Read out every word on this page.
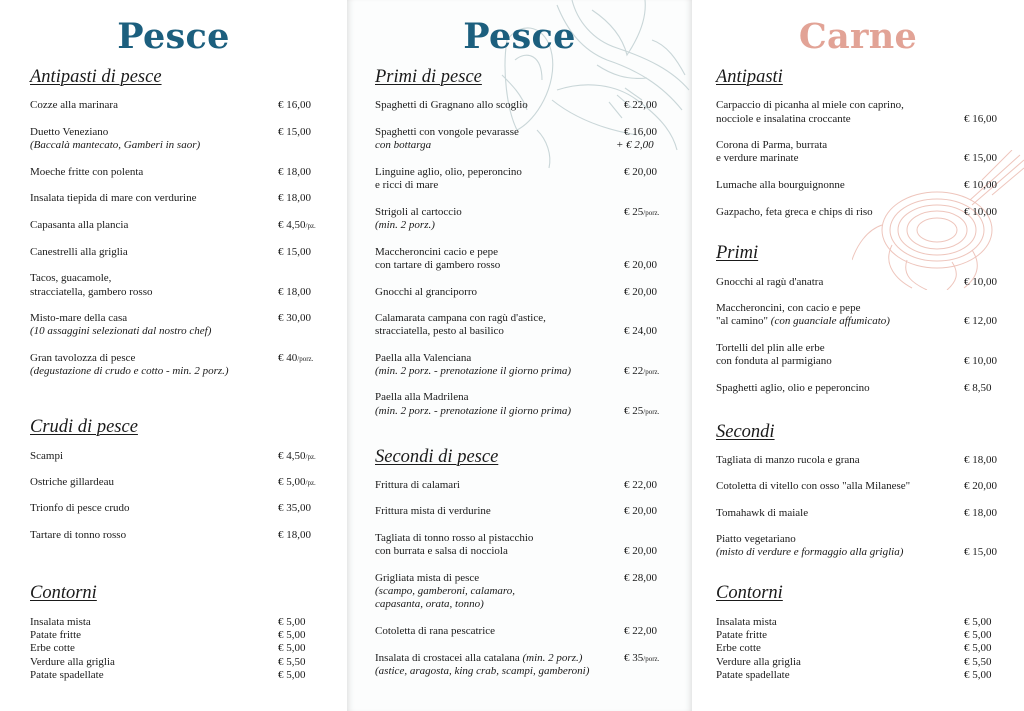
Pesce
Antipasti di pesce
Cozze alla marinara	€ 16,00
Duetto Veneziano
(Baccalà mantecato, Gamberi in saor)
€ 15,00
Moeche fritte con polenta	€ 18,00
Insalata tiepida di mare con verdurine	€ 18,00
Capasanta alla plancia	€ 4,50/pz.
Canestrelli alla griglia	€ 15,00
Tacos, guacamole,
stracciatella, gambero rosso	€ 18,00
Misto-mare della casa
(10 assaggini selezionati dal nostro chef)
€ 30,00
Gran tavolozza di pesce
(degustazione di crudo e cotto - min. 2 porz.)
€ 40/porz.
Crudi di pesce
Scampi	€ 4,50/pz.
Ostriche gillardeau	€ 5,00/pz.
Trionfo di pesce crudo	€ 35,00
Tartare di tonno rosso	€ 18,00
Contorni
Insalata mista	€ 5,00
Patate fritte	€ 5,00
Erbe cotte	€ 5,00
Verdure alla griglia	€ 5,50
Patate spadellate	€ 5,00
Pesce
Primi di pesce
Spaghetti di Gragnano allo scoglio	€ 22,00
Spaghetti con vongole pevarasse
con bottarga
€ 16,00
+ € 2,00
Linguine aglio, olio, peperoncino
e ricci di mare
€ 20,00
Strigoli al cartoccio
(min. 2 porz.)
€ 25/porz.
Maccheroncini cacio e pepe
con tartare di gambero rosso	€ 20,00
Gnocchi al granciporro	€ 20,00
Calamarata campana con ragù d'astice,
stracciatella, pesto al basilico	€ 24,00
Paella alla Valenciana
(min. 2 porz. - prenotazione il giorno prima)	€ 22/porz.
Paella alla Madrilena
(min. 2 porz. - prenotazione il giorno prima)	€ 25/porz.
Secondi di pesce
Frittura di calamari	€ 22,00
Frittura mista di verdurine	€ 20,00
Tagliata di tonno rosso al pistacchio
con burrata e salsa di nocciola	€ 20,00
Grigliata mista di pesce
(scampo, gamberoni, calamaro,
capasanta, orata, tonno)
€ 28,00
Cotoletta di rana pescatrice	€ 22,00
Insalata di crostacei alla catalana (min. 2 porz.)
(astice, aragosta, king crab, scampi, gamberoni)
€ 35/porz.
Carne
Antipasti
Carpaccio di picanha al miele con caprino,
nocciole e insalatina croccante	€ 16,00
Corona di Parma, burrata
e verdure marinate	€ 15,00
Lumache alla bourguignonne	€ 10,00
Gazpacho, feta greca e chips di riso	€ 10,00
Primi
Gnocchi al ragù d'anatra	€ 10,00
Maccheroncini, con cacio e pepe
"al camino" (con guanciale affumicato)	€ 12,00
Tortelli del plin alle erbe
con fonduta al parmigiano	€ 10,00
Spaghetti aglio, olio e peperoncino	€ 8,50
Secondi
Tagliata di manzo rucola e grana	€ 18,00
Cotoletta di vitello con osso "alla Milanese"	€ 20,00
Tomahawk di maiale	€ 18,00
Piatto vegetariano
(misto di verdure e formaggio alla griglia)	€ 15,00
Contorni
Insalata mista	€ 5,00
Patate fritte	€ 5,00
Erbe cotte	€ 5,00
Verdure alla griglia	€ 5,50
Patate spadellate	€ 5,00
